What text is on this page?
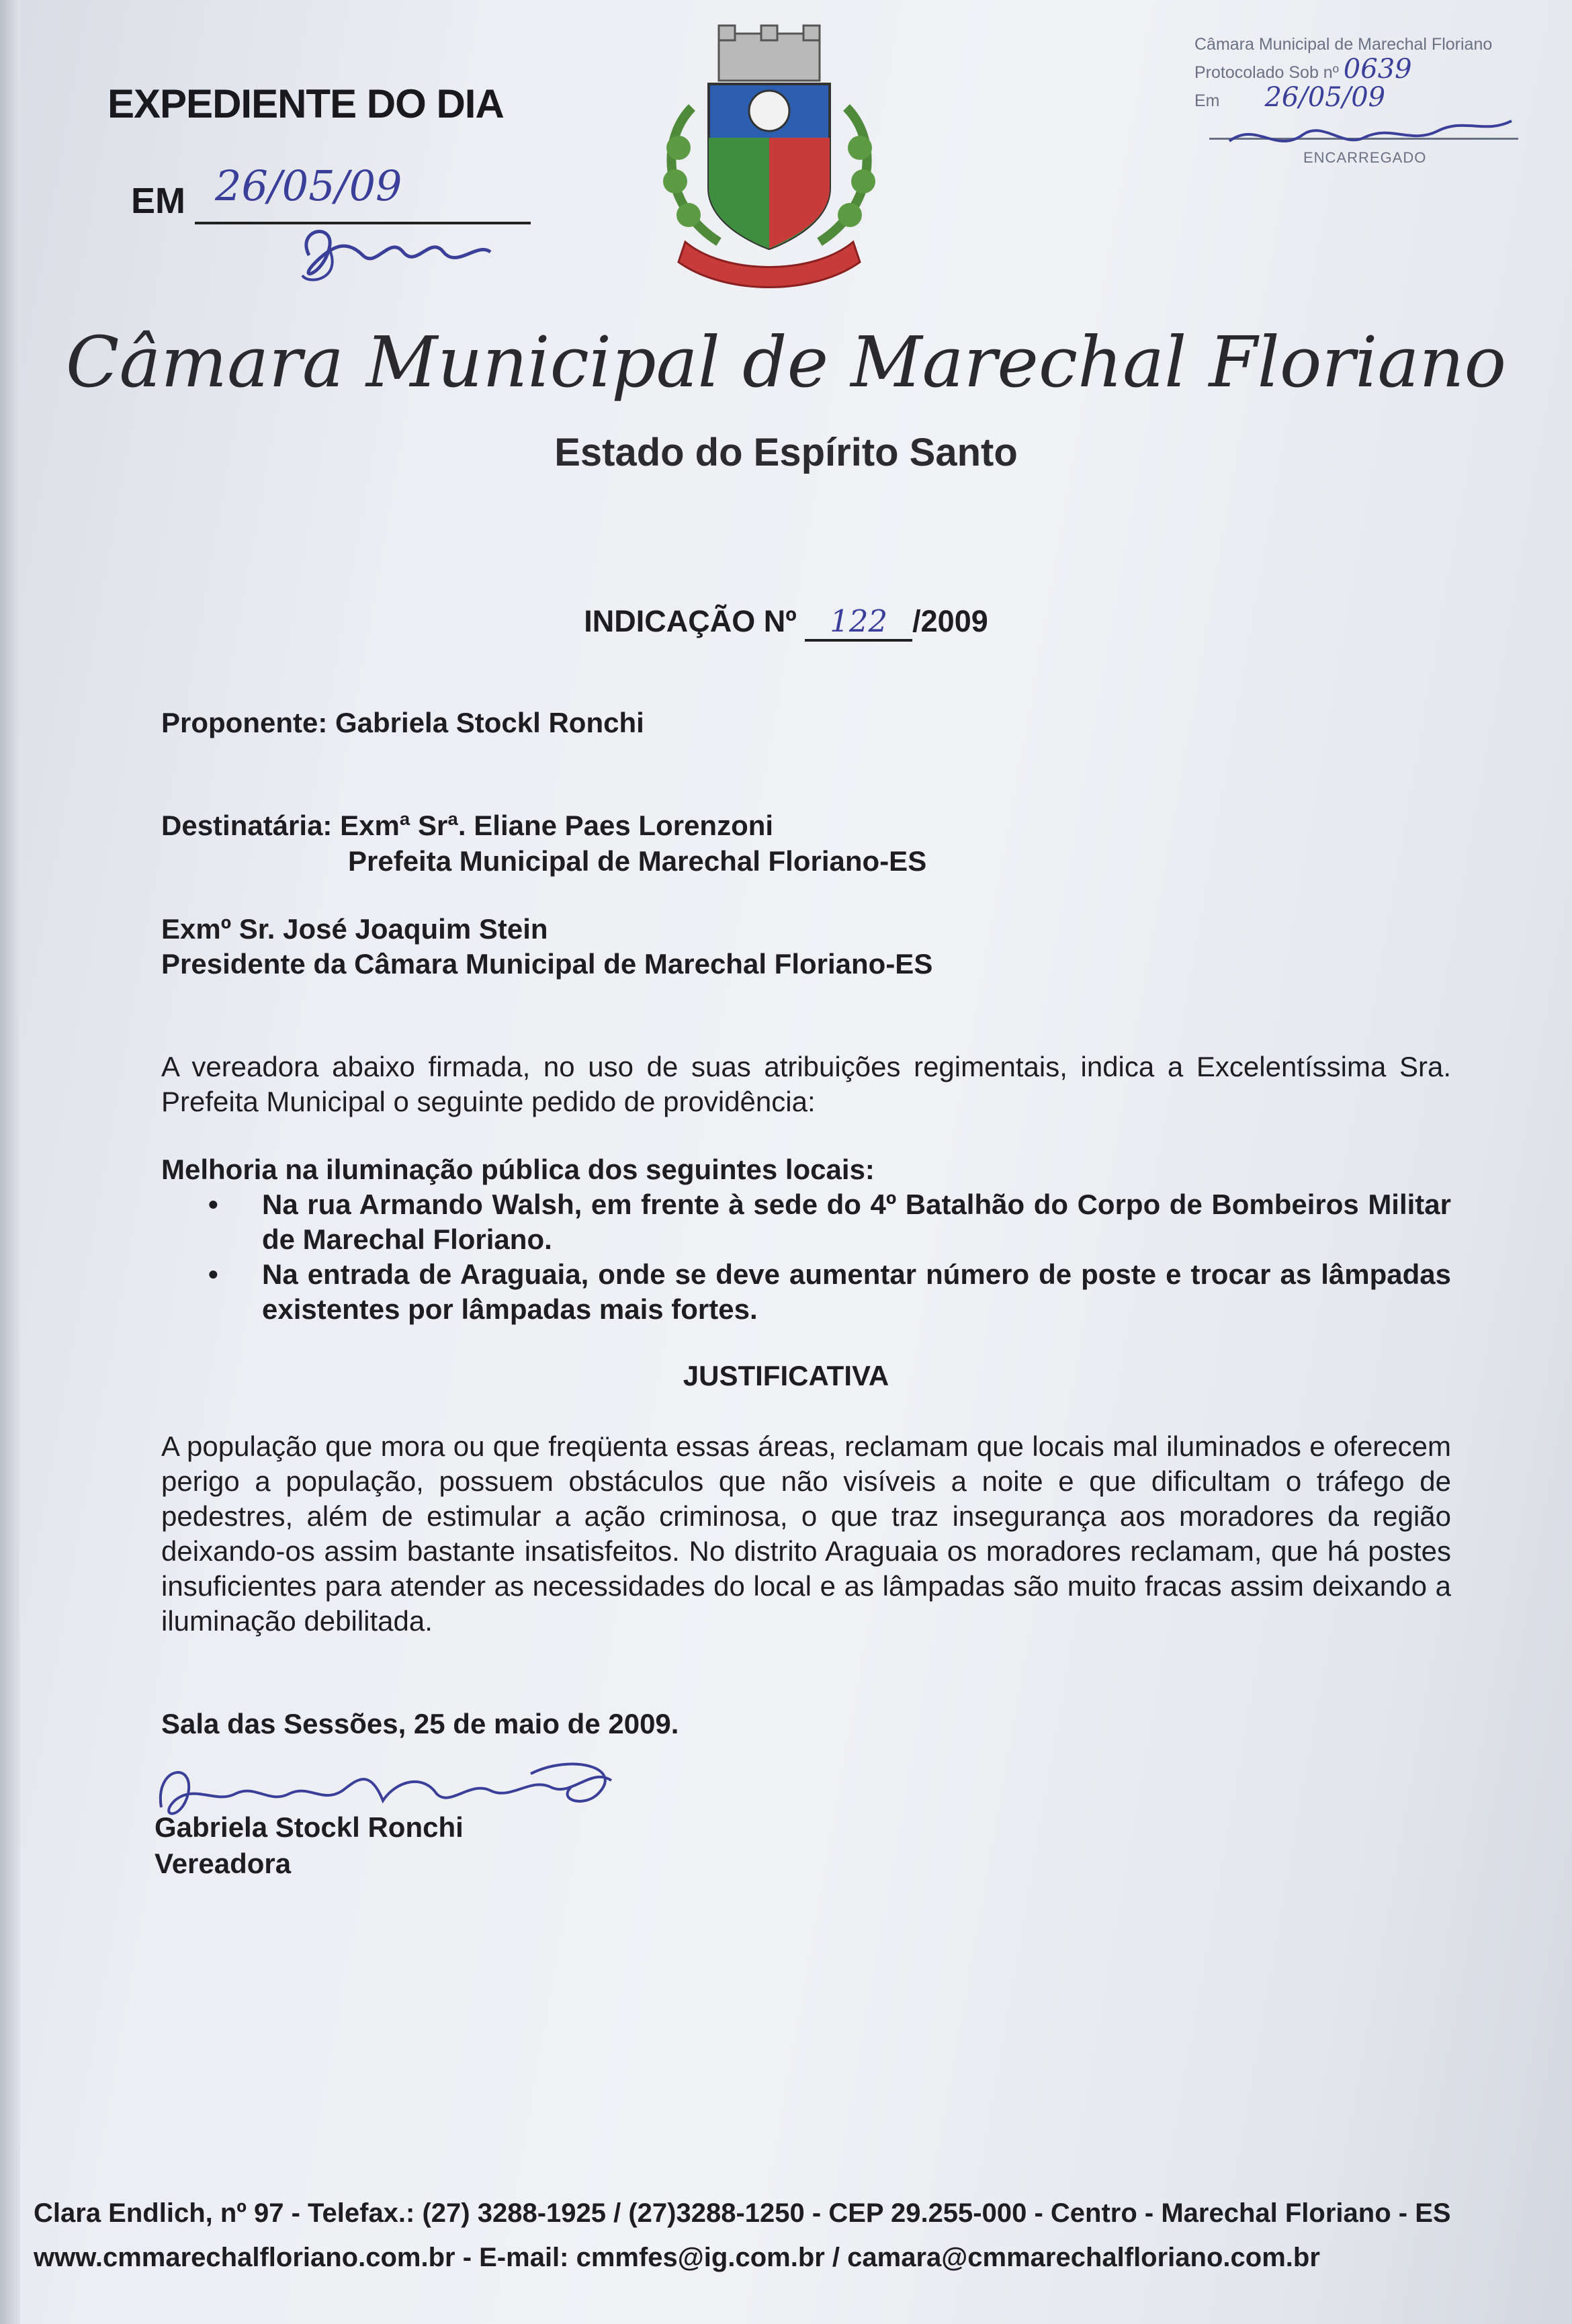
EXPEDIENTE DO DIA
EM 26/05/09
Câmara Municipal de Marechal Floriano
Protocolado Sob nº 0639
Em 26/05/09
ENCARREGADO
Câmara Municipal de Marechal Floriano
Estado do Espírito Santo
INDICAÇÃO Nº 122 /2009
Proponente: Gabriela Stockl Ronchi
Destinatária: Exmª Srª. Eliane Paes Lorenzoni
Prefeita Municipal de Marechal Floriano-ES
Exmº Sr. José Joaquim Stein
Presidente da Câmara Municipal de Marechal Floriano-ES
A vereadora abaixo firmada, no uso de suas atribuições regimentais, indica a Excelentíssima Sra. Prefeita Municipal o seguinte pedido de providência:
Melhoria na iluminação pública dos seguintes locais:
• Na rua Armando Walsh, em frente à sede do 4º Batalhão do Corpo de Bombeiros Militar de Marechal Floriano.
• Na entrada de Araguaia, onde se deve aumentar número de poste e trocar as lâmpadas existentes por lâmpadas mais fortes.
JUSTIFICATIVA
A população que mora ou que freqüenta essas áreas, reclamam que locais mal iluminados e oferecem perigo a população, possuem obstáculos que não visíveis a noite e que dificultam o tráfego de pedestres, além de estimular a ação criminosa, o que traz insegurança aos moradores da região deixando-os assim bastante insatisfeitos. No distrito Araguaia os moradores reclamam, que há postes insuficientes para atender as necessidades do local e as lâmpadas são muito fracas assim deixando a iluminação debilitada.
Sala das Sessões, 25 de maio de 2009.
Gabriela Stockl Ronchi
Gabriela Stockl Ronchi
Vereadora
Clara Endlich, nº 97 - Telefax.: (27) 3288-1925 / (27)3288-1250 - CEP 29.255-000 - Centro - Marechal Floriano - ES
www.cmmarechalfloriano.com.br - E-mail: cmmfes@ig.com.br / camara@cmmarechalfloriano.com.br
